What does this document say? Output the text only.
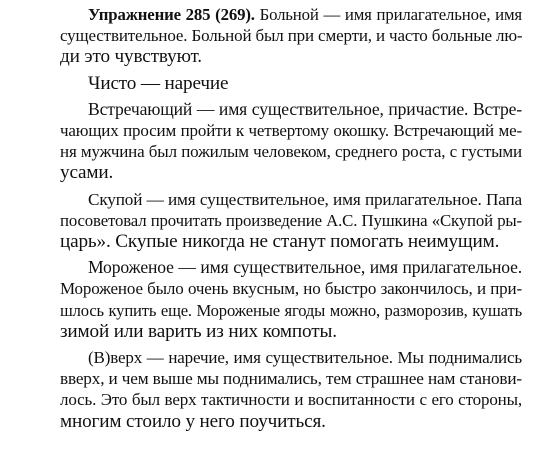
Упражнение 285 (269). Больной — имя прилагательное, имя

существительное. Больной был при смерти, и часто больные лю-

ди это чувствуют.

Чисто — наречие

Встречающий — имя существительное, причастие. Встре-

чающих просим пройти к четвертому окошку. Встречающий ме-

ня мужчина был пожилым человеком, среднего роста, с густыми

усами.

Скупой — имя существительное, имя прилагательное. Папа

посоветовал прочитать произведение А.С. Пушкина «Скупой ры-

царь». Скупые никогда не станут помогать неимущим.

Мороженое — имя существительное, имя прилагательное.

Мороженое было очень вкусным, но быстро закончилось, и при-

шлось купить еще. Мороженые ягоды можно, разморозив, кушать

зимой или варить из них компоты.

(В)верх — наречие, имя существительное. Мы поднимались

вверх, и чем выше мы поднимались, тем страшнее нам станови-

лось. Это был верх тактичности и воспитанности с его стороны,

многим стоило у него поучиться.
